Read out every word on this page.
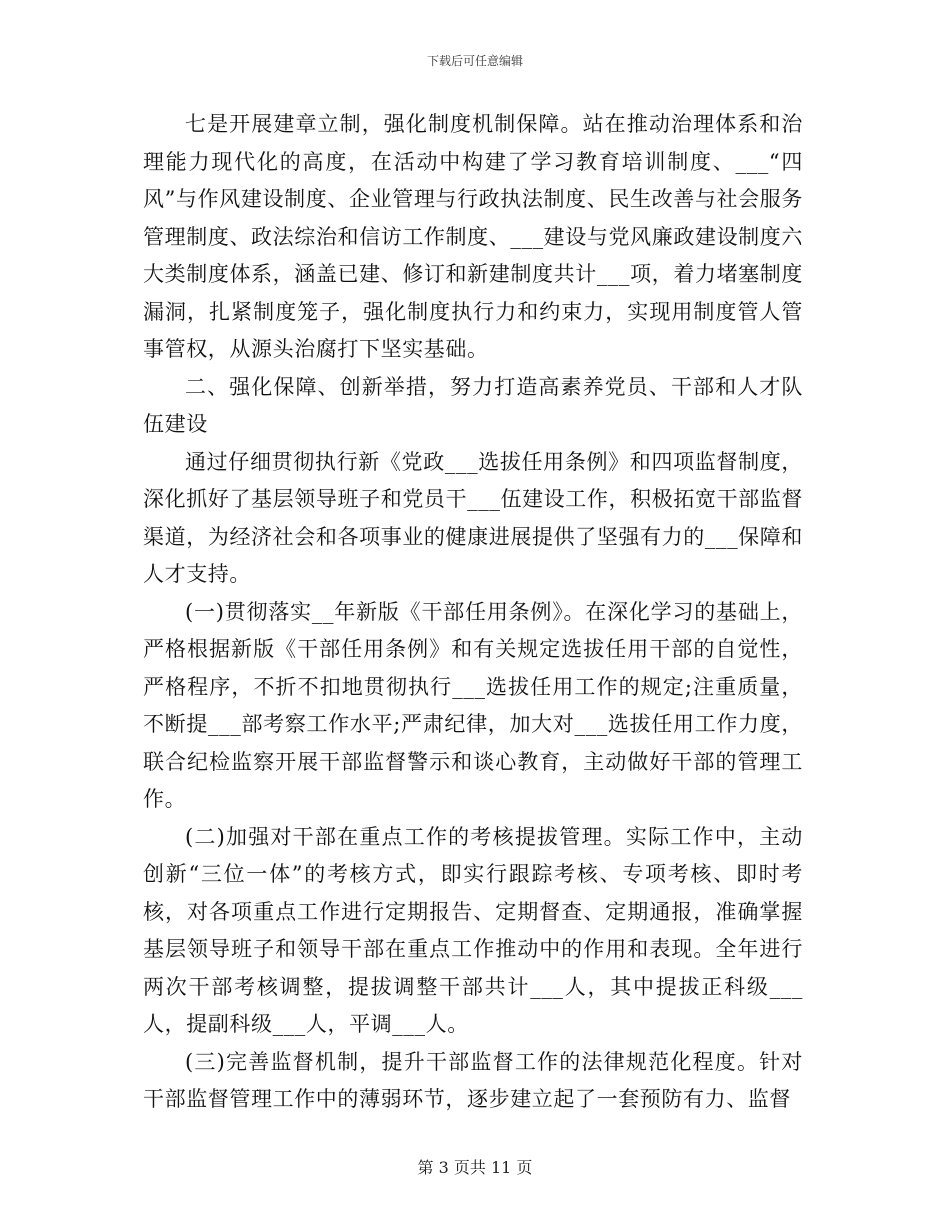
下载后可任意编辑

七是开展建章立制，强化制度机制保障。站在推动治理体系和治理能力现代化的高度，在活动中构建了学习教育培训制度、___“四风”与作风建设制度、企业管理与行政执法制度、民生改善与社会服务管理制度、政法综治和信访工作制度、___建设与党风廉政建设制度六大类制度体系，涵盖已建、修订和新建制度共计___项，着力堵塞制度漏洞，扎紧制度笼子，强化制度执行力和约束力，实现用制度管人管事管权，从源头治腐打下坚实基础。

二、强化保障、创新举措，努力打造高素养党员、干部和人才队伍建设

通过仔细贯彻执行新《党政___选拔任用条例》和四项监督制度，深化抓好了基层领导班子和党员干___伍建设工作，积极拓宽干部监督渠道，为经济社会和各项事业的健康进展提供了坚强有力的___保障和人才支持。

(一)贯彻落实__年新版《干部任用条例》。在深化学习的基础上，严格根据新版《干部任用条例》和有关规定选拔任用干部的自觉性，严格程序，不折不扣地贯彻执行___选拔任用工作的规定;注重质量，不断提___部考察工作水平;严肃纪律，加大对___选拔任用工作力度，联合纪检监察开展干部监督警示和谈心教育，主动做好干部的管理工作。

(二)加强对干部在重点工作的考核提拔管理。实际工作中，主动创新“三位一体”的考核方式，即实行跟踪考核、专项考核、即时考核，对各项重点工作进行定期报告、定期督查、定期通报，准确掌握基层领导班子和领导干部在重点工作推动中的作用和表现。全年进行两次干部考核调整，提拔调整干部共计___人，其中提拔正科级___人，提副科级___人，平调___人。

(三)完善监督机制，提升干部监督工作的法律规范化程度。针对干部监督管理工作中的薄弱环节，逐步建立起了一套预防有力、监督

第 3 页共 11 页
